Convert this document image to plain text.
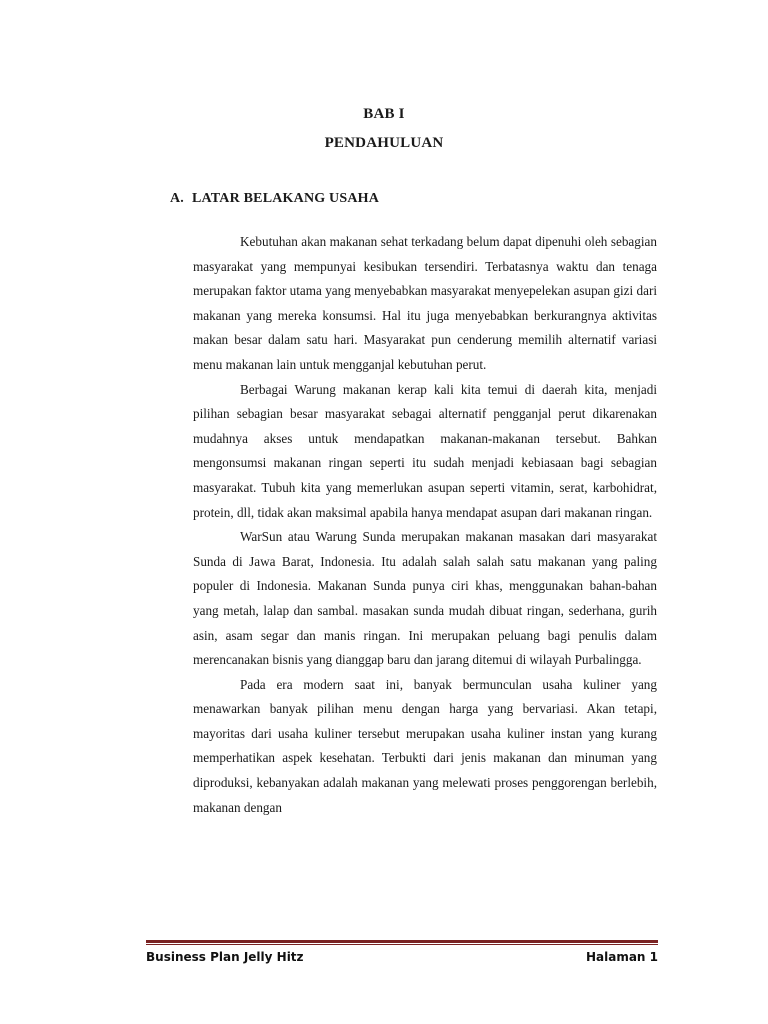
BAB I
PENDAHULUAN
A. LATAR BELAKANG USAHA

Kebutuhan akan makanan sehat terkadang belum dapat dipenuhi oleh sebagian masyarakat yang mempunyai kesibukan tersendiri. Terbatasnya waktu dan tenaga merupakan faktor utama yang menyebabkan masyarakat menyepelekan asupan gizi dari makanan yang mereka konsumsi. Hal itu juga menyebabkan berkurangnya aktivitas makan besar dalam satu hari. Masyarakat pun cenderung memilih alternatif variasi menu makanan lain untuk mengganjal kebutuhan perut.

Berbagai Warung makanan kerap kali kita temui di daerah kita, menjadi pilihan sebagian besar masyarakat sebagai alternatif pengganjal perut dikarenakan mudahnya akses untuk mendapatkan makanan-makanan tersebut. Bahkan mengonsumsi makanan ringan seperti itu sudah menjadi kebiasaan bagi sebagian masyarakat. Tubuh kita yang memerlukan asupan seperti vitamin, serat, karbohidrat, protein, dll, tidak akan maksimal apabila hanya mendapat asupan dari makanan ringan.

WarSun atau Warung Sunda merupakan makanan masakan dari masyarakat Sunda di Jawa Barat, Indonesia. Itu adalah salah salah satu makanan yang paling populer di Indonesia. Makanan Sunda punya ciri khas, menggunakan bahan-bahan yang metah, lalap dan sambal. masakan sunda mudah dibuat ringan, sederhana, gurih asin, asam segar dan manis ringan. Ini merupakan peluang bagi penulis dalam merencanakan bisnis yang dianggap baru dan jarang ditemui di wilayah Purbalingga.

Pada era modern saat ini, banyak bermunculan usaha kuliner yang menawarkan banyak pilihan menu dengan harga yang bervariasi. Akan tetapi, mayoritas dari usaha kuliner tersebut merupakan usaha kuliner instan yang kurang memperhatikan aspek kesehatan. Terbukti dari jenis makanan dan minuman yang diproduksi, kebanyakan adalah makanan yang melewati proses penggorengan berlebih, makanan dengan

Business Plan Jelly Hitz	Halaman 1
